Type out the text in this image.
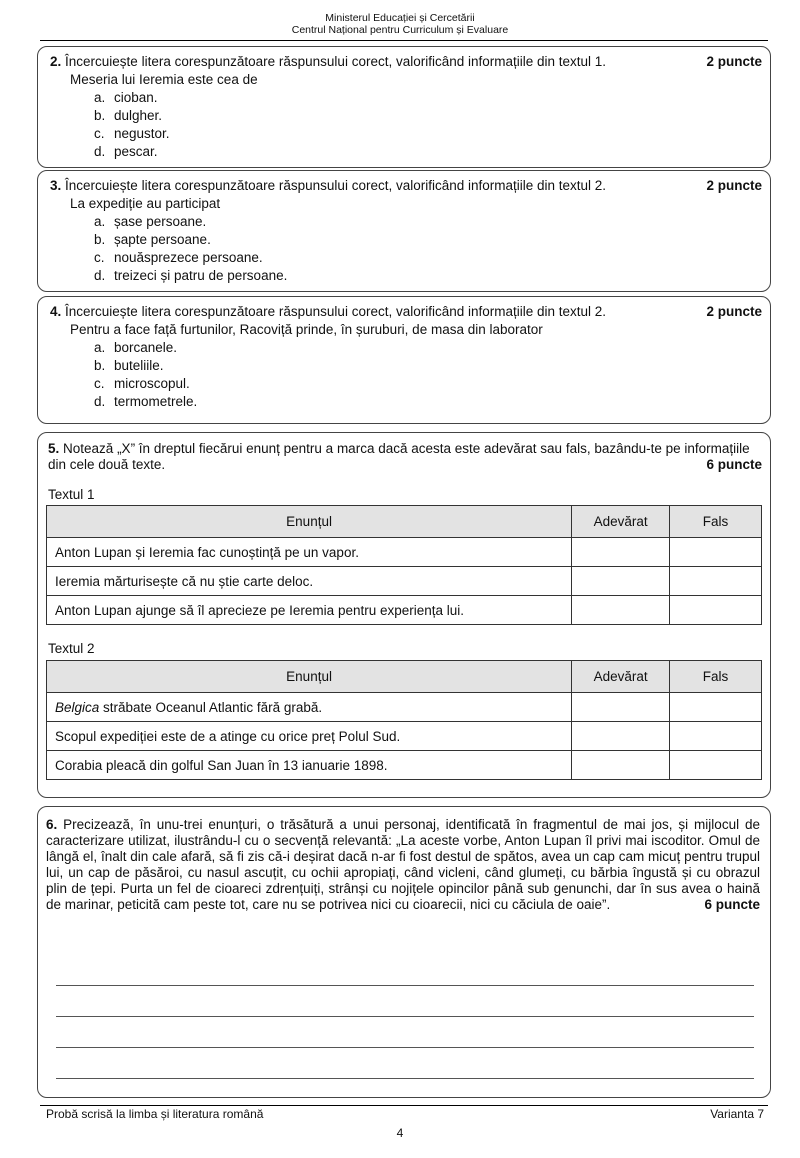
Ministerul Educației și Cercetării
Centrul Național pentru Curriculum și Evaluare
2. Încercuiește litera corespunzătoare răspunsului corect, valorificând informațiile din textul 1.	2 puncte
Meseria lui Ieremia este cea de
a. cioban.
b. dulgher.
c. negustor.
d. pescar.
3. Încercuiește litera corespunzătoare răspunsului corect, valorificând informațiile din textul 2.	2 puncte
La expediție au participat
a. șase persoane.
b. șapte persoane.
c. nouăsprezece persoane.
d. treizeci și patru de persoane.
4. Încercuiește litera corespunzătoare răspunsului corect, valorificând informațiile din textul 2.	2 puncte
Pentru a face față furtunilor, Racoviță prinde, în șuruburi, de masa din laborator
a. borcanele.
b. buteliile.
c. microscopul.
d. termometrele.
5. Notează „X” în dreptul fiecărui enunț pentru a marca dacă acesta este adevărat sau fals, bazându-te pe informațiile din cele două texte.	6 puncte
Textul 1
Enunțul	Adevărat	Fals
Anton Lupan și Ieremia fac cunoștință pe un vapor.		
Ieremia mărturisește că nu știe carte deloc.		
Anton Lupan ajunge să îl aprecieze pe Ieremia pentru experiența lui.		
Textul 2
Enunțul	Adevărat	Fals
Belgica străbate Oceanul Atlantic fără grabă.		
Scopul expediției este de a atinge cu orice preț Polul Sud.		
Corabia pleacă din golful San Juan în 13 ianuarie 1898.		
6. Precizează, în unu-trei enunțuri, o trăsătură a unui personaj, identificată în fragmentul de mai jos, și mijlocul de caracterizare utilizat, ilustrându-l cu o secvență relevantă: „La aceste vorbe, Anton Lupan îl privi mai iscoditor. Omul de lângă el, înalt din cale afară, să fi zis că-i deșirat dacă n-ar fi fost destul de spătos, avea un cap cam micuț pentru trupul lui, un cap de păsăroi, cu nasul ascuțit, cu ochii apropiați, când vicleni, când glumeți, cu bărbia îngustă și cu obrazul plin de țepi. Purta un fel de cioareci zdrențuiți, strânși cu nojițele opincilor până sub genunchi, dar în sus avea o haină de marinar, peticită cam peste tot, care nu se potrivea nici cu cioarecii, nici cu căciula de oaie”.	6 puncte
Probă scrisă la limba și literatura română	Varianta 7
4
